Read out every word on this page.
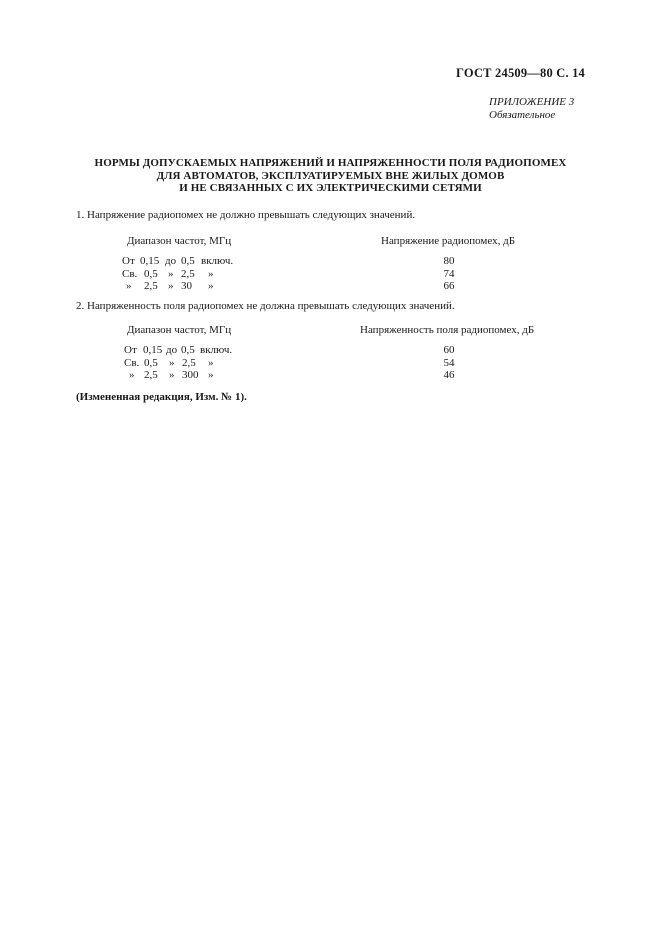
ГОСТ 24509—80 С. 14
ПРИЛОЖЕНИЕ 3
Обязательное
НОРМЫ ДОПУСКАЕМЫХ НАПРЯЖЕНИЙ И НАПРЯЖЕННОСТИ ПОЛЯ РАДИОПОМЕХ
ДЛЯ АВТОМАТОВ, ЭКСПЛУАТИРУЕМЫХ ВНЕ ЖИЛЫХ ДОМОВ
И НЕ СВЯЗАННЫХ С ИХ ЭЛЕКТРИЧЕСКИМИ СЕТЯМИ
1. Напряжение радиопомех не должно превышать следующих значений.
Диапазон частот, МГц	Напряжение радиопомех, дБ
От 0,15 до 0,5 включ.
Св. 0,5 » 2,5 »
» 2,5 » 30 »
80
74
66
2. Напряженность поля радиопомех не должна превышать следующих значений.
Диапазон частот, МГц	Напряженность поля радиопомех, дБ
От 0,15 до 0,5 включ.
Св. 0,5 » 2,5 »
» 2,5 » 300 »
60
54
46
(Измененная редакция, Изм. № 1).
